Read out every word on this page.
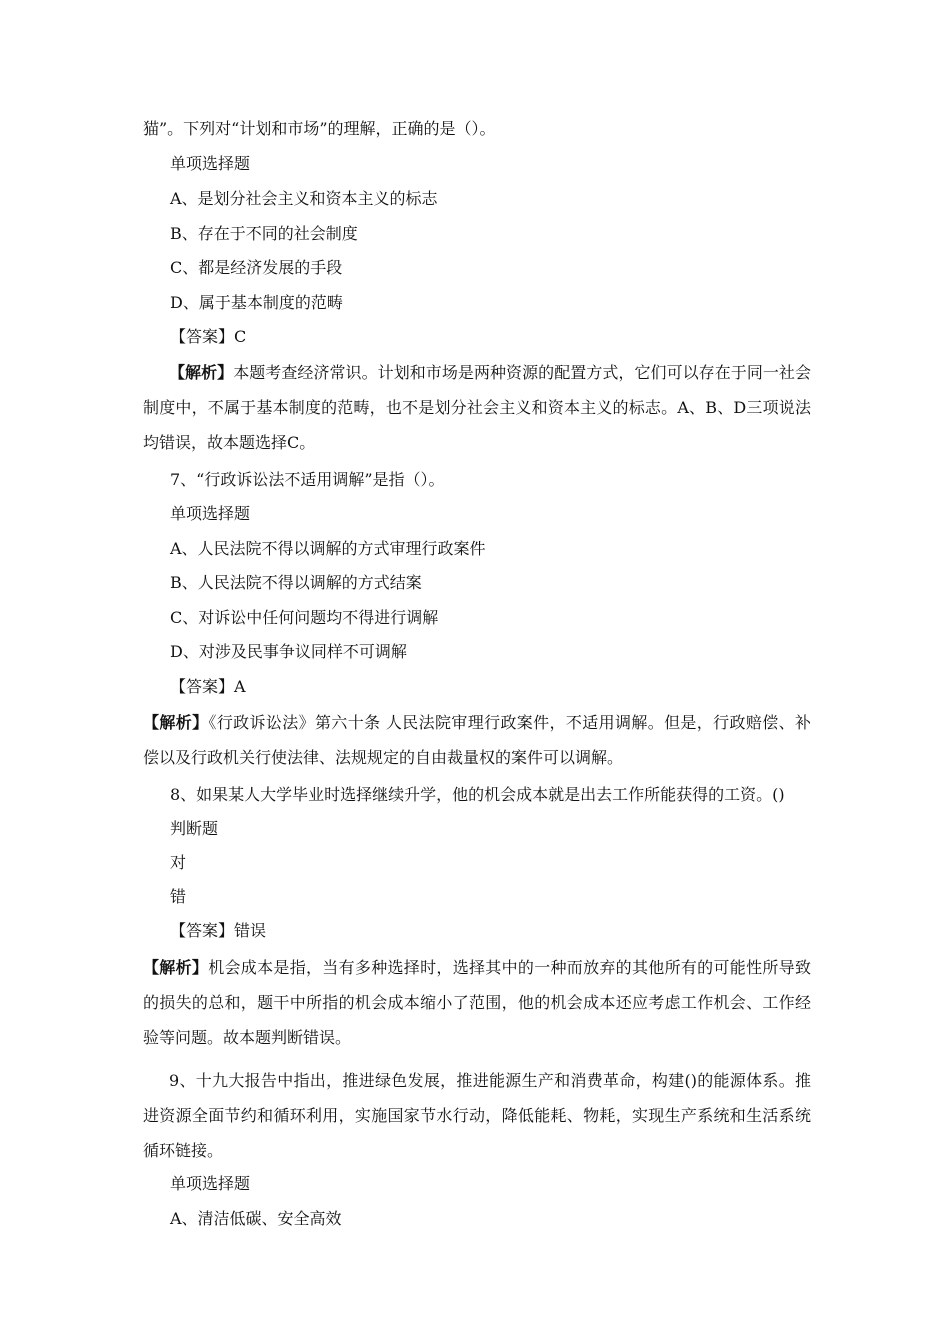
猫”。下列对“计划和市场”的理解，正确的是（）。
单项选择题
A、是划分社会主义和资本主义的标志
B、存在于不同的社会制度
C、都是经济发展的手段
D、属于基本制度的范畴
【答案】C
【解析】本题考查经济常识。计划和市场是两种资源的配置方式，它们可以存在于同一社会制度中，不属于基本制度的范畴，也不是划分社会主义和资本主义的标志。A、B、D三项说法均错误，故本题选择C。
7、“行政诉讼法不适用调解”是指（）。
单项选择题
A、人民法院不得以调解的方式审理行政案件
B、人民法院不得以调解的方式结案
C、对诉讼中任何问题均不得进行调解
D、对涉及民事争议同样不可调解
【答案】A
【解析】《行政诉讼法》第六十条 人民法院审理行政案件，不适用调解。但是，行政赔偿、补偿以及行政机关行使法律、法规规定的自由裁量权的案件可以调解。
8、如果某人大学毕业时选择继续升学，他的机会成本就是出去工作所能获得的工资。()
判断题
对
错
【答案】错误
【解析】机会成本是指，当有多种选择时，选择其中的一种而放弃的其他所有的可能性所导致的损失的总和，题干中所指的机会成本缩小了范围，他的机会成本还应考虑工作机会、工作经验等问题。故本题判断错误。
9、十九大报告中指出，推进绿色发展，推进能源生产和消费革命，构建()的能源体系。推进资源全面节约和循环利用，实施国家节水行动，降低能耗、物耗，实现生产系统和生活系统循环链接。
单项选择题
A、清洁低碳、安全高效
